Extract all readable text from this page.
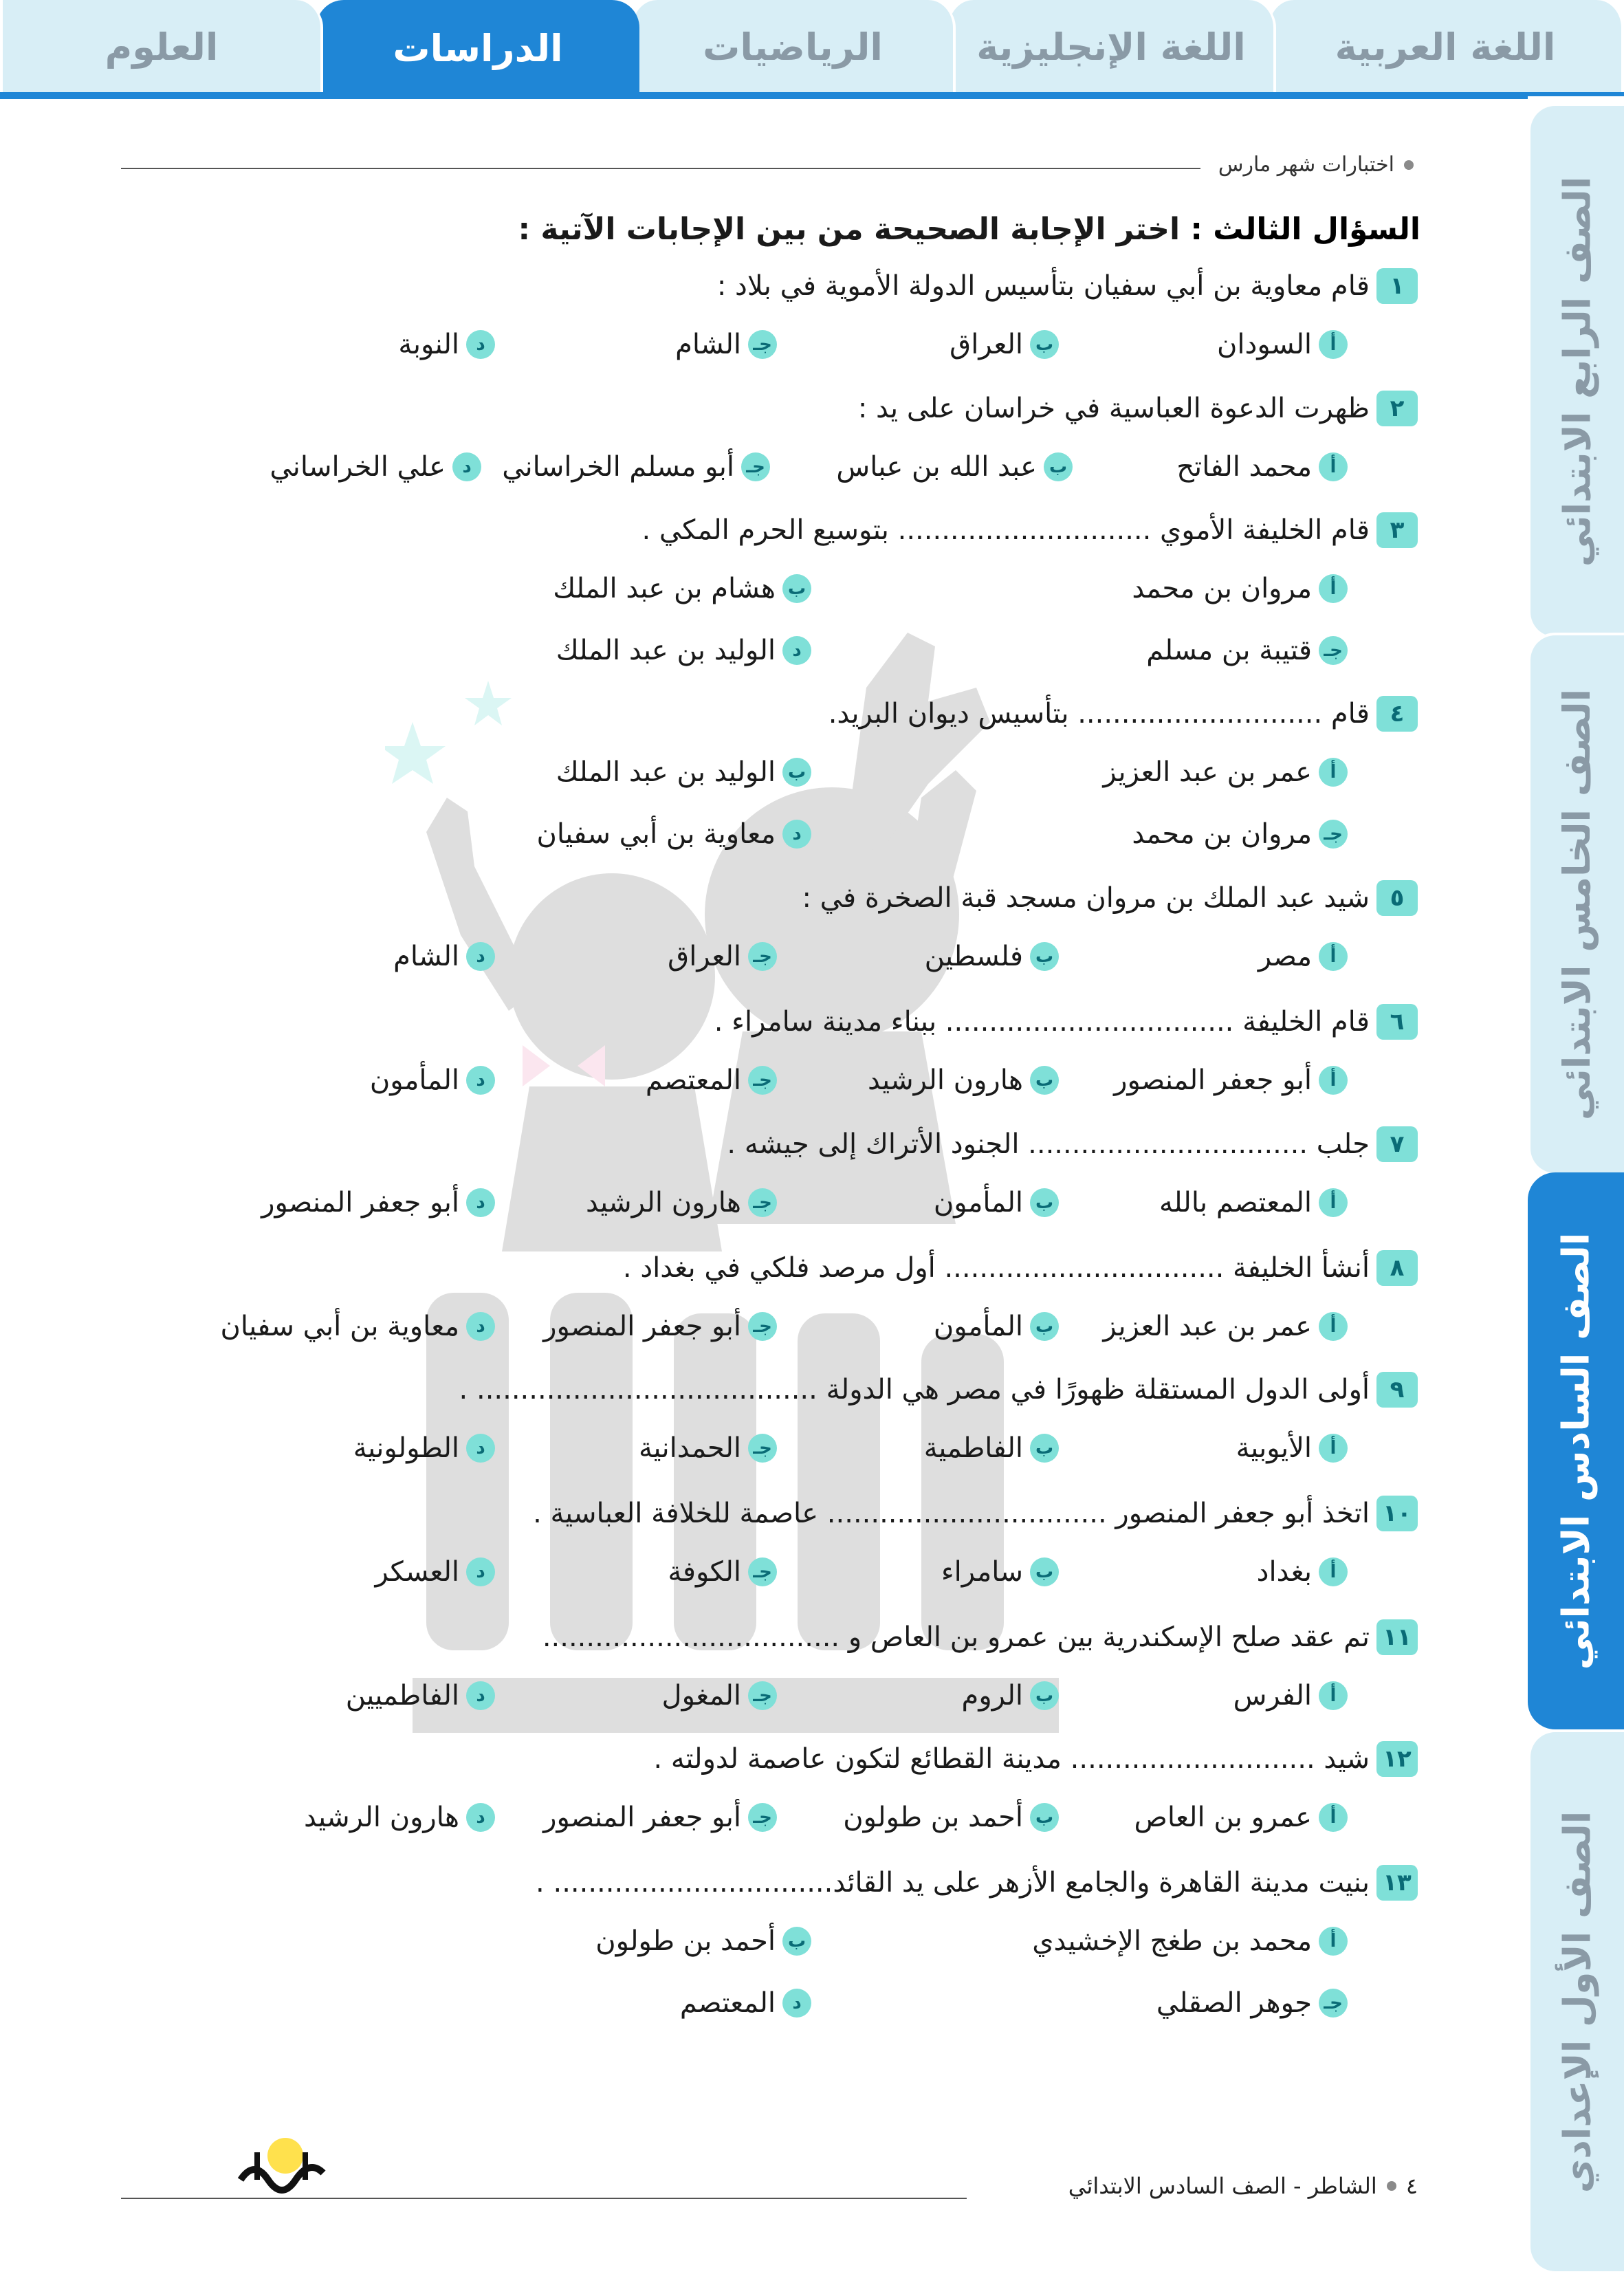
اللغة العربية
اللغة الإنجليزية
الرياضيات
الدراسات
العلوم
الصف الرابع الابتدائي
الصف الخامس الابتدائي
الصف السادس الابتدائي
الصف الأول الإعدادي
اختبارات شهر مارس
السؤال الثالث : اختر الإجابة الصحيحة من بين الإجابات الآتية :
١
قام معاوية بن أبي سفيان بتأسيس الدولة الأموية في بلاد :
أ
السودان
ب
العراق
جـ
الشام
د
النوبة
٢
ظهرت الدعوة العباسية في خراسان على يد :
أ
محمد الفاتح
ب
عبد الله بن عباس
جـ
أبو مسلم الخراساني
د
علي الخراساني
٣
قام الخليفة الأموي ............................. بتوسيع الحرم المكي .
أ
مروان بن محمد
ب
هشام بن عبد الملك
جـ
قتيبة بن مسلم
د
الوليد بن عبد الملك
٤
قام ............................ بتأسيس ديوان البريد.
أ
عمر بن عبد العزيز
ب
الوليد بن عبد الملك
جـ
مروان بن محمد
د
معاوية بن أبي سفيان
٥
شيد عبد الملك بن مروان مسجد قبة الصخرة في :
أ
مصر
ب
فلسطين
جـ
العراق
د
الشام
٦
قام الخليفة ................................. ببناء مدينة سامراء .
أ
أبو جعفر المنصور
ب
هارون الرشيد
جـ
المعتصم
د
المأمون
٧
جلب ................................ الجنود الأتراك إلى جيشه .
أ
المعتصم بالله
ب
المأمون
جـ
هارون الرشيد
د
أبو جعفر المنصور
٨
أنشأ الخليفة ................................ أول مرصد فلكي في بغداد .
أ
عمر بن عبد العزيز
ب
المأمون
جـ
أبو جعفر المنصور
د
معاوية بن أبي سفيان
٩
أولى الدول المستقلة ظهورًا في مصر هي الدولة ....................................... .
أ
الأيوبية
ب
الفاطمية
جـ
الحمدانية
د
الطولونية
١٠
اتخذ أبو جعفر المنصور ................................ عاصمة للخلافة العباسية .
أ
بغداد
ب
سامراء
جـ
الكوفة
د
العسكر
١١
تم عقد صلح الإسكندرية بين عمرو بن العاص و ..................................
أ
الفرس
ب
الروم
جـ
المغول
د
الفاطميين
١٢
شيد ............................ مدينة القطائع لتكون عاصمة لدولته .
أ
عمرو بن العاص
ب
أحمد بن طولون
جـ
أبو جعفر المنصور
د
هارون الرشيد
١٣
بنيت مدينة القاهرة والجامع الأزهر على يد القائد................................ .
أ
محمد بن طغج الإخشيدي
ب
أحمد بن طولون
جـ
جوهر الصقلي
د
المعتصم
٤
الشاطر - الصف السادس الابتدائي
